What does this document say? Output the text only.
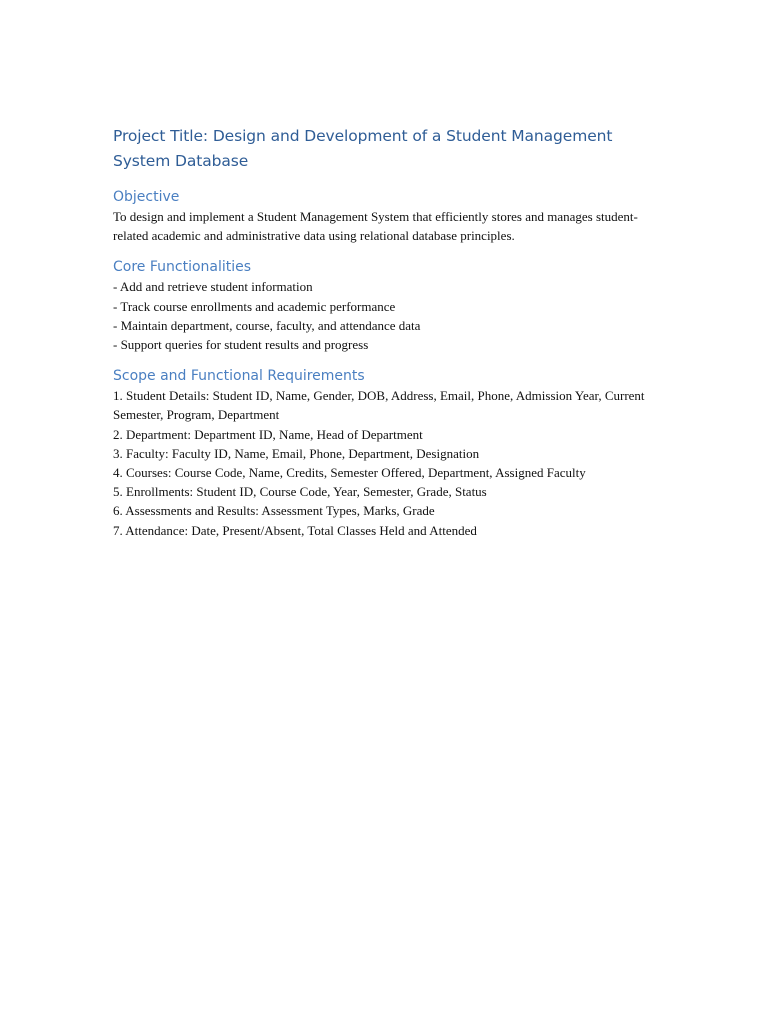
Project Title: Design and Development of a Student Management System Database
Objective

To design and implement a Student Management System that efficiently stores and manages student-related academic and administrative data using relational database principles.

Core Functionalities
- Add and retrieve student information
- Track course enrollments and academic performance
- Maintain department, course, faculty, and attendance data
- Support queries for student results and progress
Scope and Functional Requirements
1. Student Details: Student ID, Name, Gender, DOB, Address, Email, Phone, Admission Year, Current Semester, Program, Department
2. Department: Department ID, Name, Head of Department
3. Faculty: Faculty ID, Name, Email, Phone, Department, Designation
4. Courses: Course Code, Name, Credits, Semester Offered, Department, Assigned Faculty
5. Enrollments: Student ID, Course Code, Year, Semester, Grade, Status
6. Assessments and Results: Assessment Types, Marks, Grade
7. Attendance: Date, Present/Absent, Total Classes Held and Attended
